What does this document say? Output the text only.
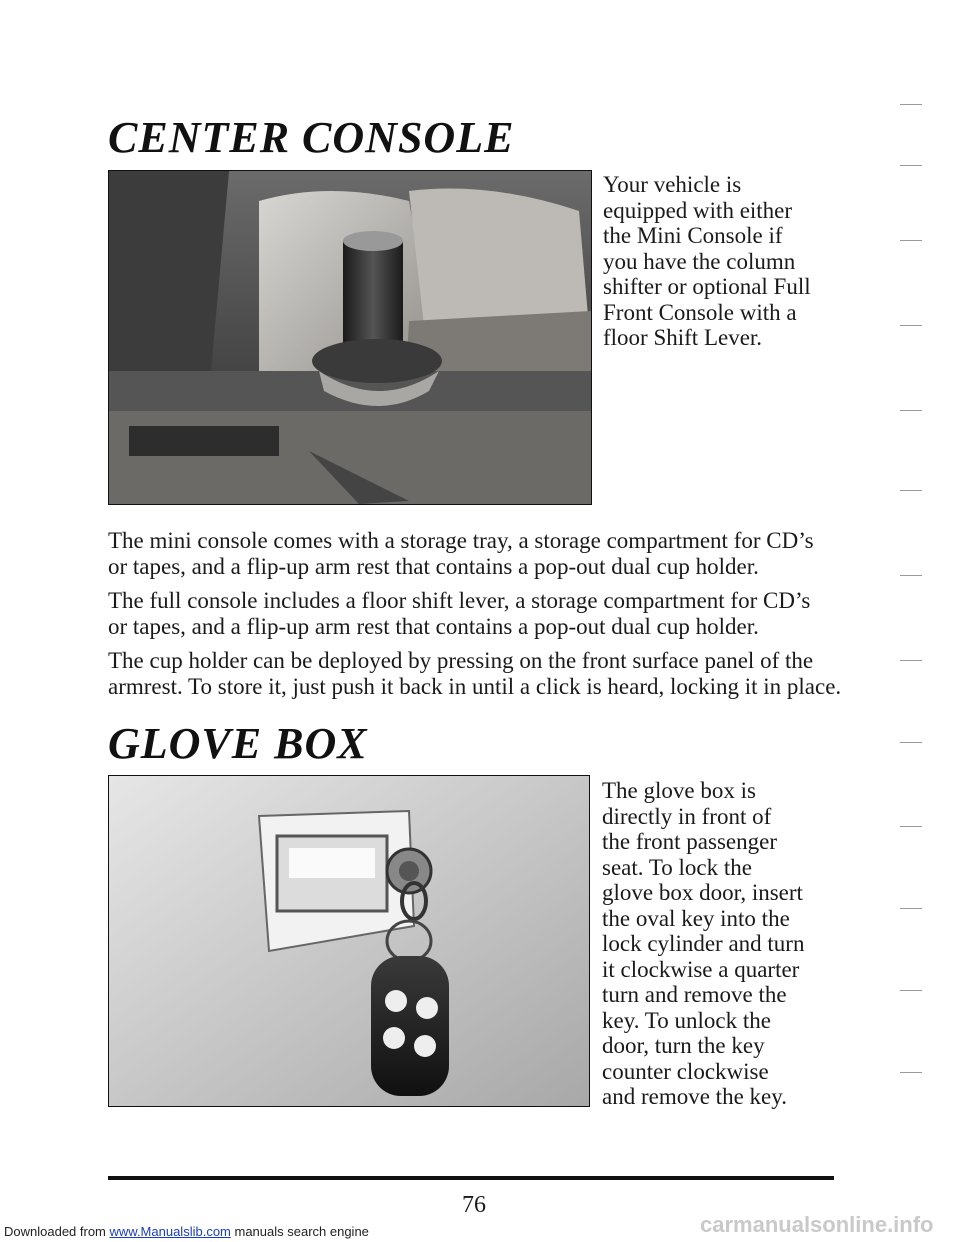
CENTER CONSOLE
Your vehicle is
equipped with either
the Mini Console if
you have the column
shifter or optional Full
Front Console with a
floor Shift Lever.
The mini console comes with a storage tray, a storage compartment for CD’s
or tapes, and a flip-up arm rest that contains a pop-out dual cup holder.
The full console includes a floor shift lever, a storage compartment for CD’s
or tapes, and a flip-up arm rest that contains a pop-out dual cup holder.
The cup holder can be deployed by pressing on the front surface panel of the
armrest. To store it, just push it back in until a click is heard, locking it in place.
GLOVE BOX
The glove box is
directly in front of
the front passenger
seat. To lock the
glove box door, insert
the oval key into the
lock cylinder and turn
it clockwise a quarter
turn and remove the
key. To unlock the
door, turn the key
counter clockwise
and remove the key.
76
Downloaded from www.Manualslib.com manuals search engine	carmanualsonline.info
